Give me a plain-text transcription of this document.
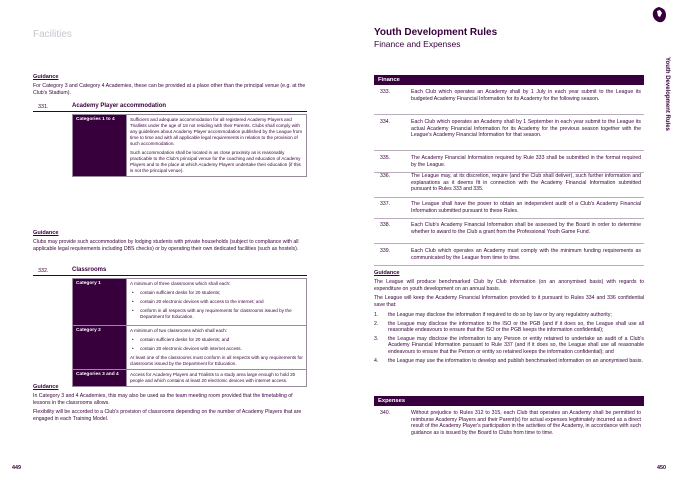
Facilities
Guidance
For Category 3 and Category 4 Academies, these can be provided at a place other than the principal venue (e.g. at the Club's Stadium).
331.	Academy Player accommodation
Categories 1 to 4	Sufficient and adequate accommodation for all registered Academy Players and Triallists under the age of 18 not residing with their Parents. Clubs shall comply with any guidelines about Academy Player accommodation published by the League from time to time and with all applicable legal requirements in relation to the provision of such accommodation.
Such accommodation shall be located in as close proximity as is reasonably practicable to the Club's principal venue for the coaching and education of Academy Players and to the place at which Academy Players undertake their education (if this is not the principal venue).
Guidance
Clubs may provide such accommodation by lodging students with private households (subject to compliance with all applicable legal requirements including DBS checks) or by operating their own dedicated facilities (such as hostels).
332.	Classrooms
Category 1	A minimum of three classrooms which shall each:
• contain sufficient desks for 20 students;
• contain 20 electronic devices with access to the internet; and
• conform in all respects with any requirements for classrooms issued by the Department for Education.

Category 2	A minimum of two classrooms which shall each:
• contain sufficient desks for 20 students; and
• contain 20 electronic devices with internet access.
At least one of the classrooms must conform in all respects with any requirements for classrooms issued by the Department for Education.

Categories 3 and 4	Access for Academy Players and Trialists to a study area large enough to hold 20 people and which contains at least 20 electronic devices with internet access.
Guidance
In Category 3 and 4 Academies, this may also be used as the team meeting room provided that the timetabling of lessons in the classrooms allows.
Flexibility will be accorded to a Club's provision of classrooms depending on the number of Academy Players that are engaged in each Training Model.
449
Youth Development Rules
Finance and Expenses
Youth Development Rules
Finance
333.	Each Club which operates an Academy shall by 1 July in each year submit to the League its budgeted Academy Financial Information for its Academy for the following season.
334.	Each Club which operates an Academy shall by 1 September in each year submit to the League its actual Academy Financial Information for its Academy for the previous season together with the League's Academy Financial Information for that season.
335.	The Academy Financial Information required by Rule 333 shall be submitted in the format required by the League.
336.	The League may, at its discretion, require (and the Club shall deliver), such further information and explanations as it deems fit in connection with the Academy Financial Information submitted pursuant to Rules 333 and 335.
337.	The League shall have the power to obtain an independent audit of a Club's Academy Financial Information submitted pursuant to these Rules.
338.	Each Club's Academy Financial Information shall be assessed by the Board in order to determine whether to award to the Club a grant from the Professional Youth Game Fund.
339.	Each Club which operates an Academy must comply with the minimum funding requirements as communicated by the League from time to time.
Guidance
The League will produce benchmarked Club by Club information (on an anonymised basis) with regards to expenditure on youth development on an annual basis.
The League will keep the Academy Financial Information provided to it pursuant to Rules 334 and 336 confidential save that:
1. the League may disclose the information if required to do so by law or by any regulatory authority;
2. the League may disclose the information to the ISO or the PGB (and if it does so, the League shall use all reasonable endeavours to ensure that the ISO or the PGB keeps the information confidential);
3. the League may disclose the information to any Person or entity retained to undertake an audit of a Club's Academy Financial Information pursuant to Rule 337 (and if it does so, the League shall use all reasonable endeavours to ensure that the Person or entity so retained keeps the information confidential); and
4. the League may use the information to develop and publish benchmarked information on an anonymised basis.
Expenses
340.	Without prejudice to Rules 312 to 315, each Club that operates an Academy shall be permitted to reimburse Academy Players and their Parent(s) for actual expenses legitimately incurred as a direct result of the Academy Player's participation in the activities of the Academy, in accordance with such guidance as is issued by the Board to Clubs from time to time.
450
